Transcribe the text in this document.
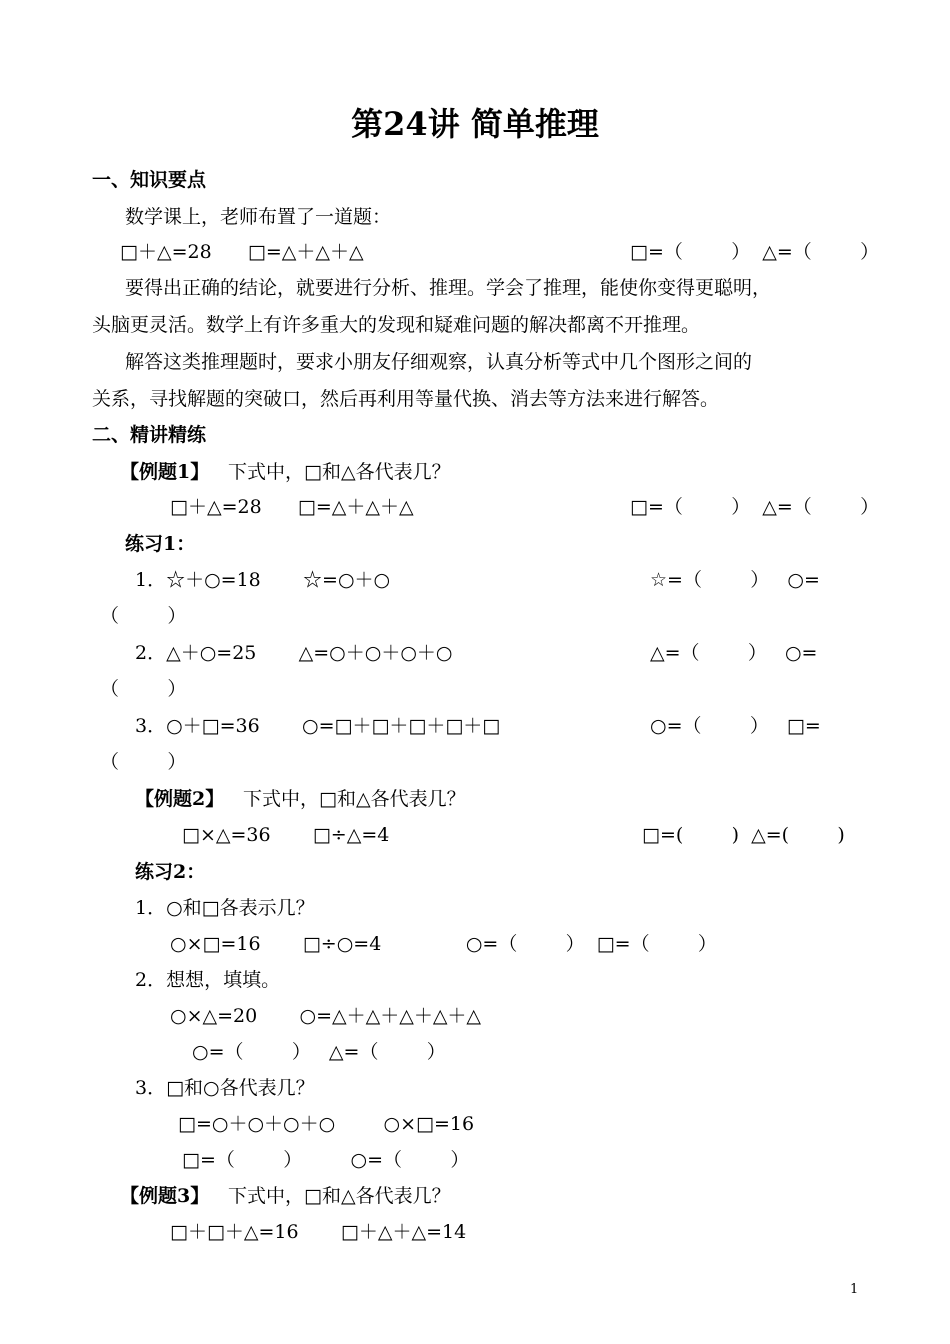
第24讲 简单推理
一、知识要点
数学课上，老师布置了一道题：
□＋△=28      □=△＋△＋△	□=（        ）  △=（        ）
要得出正确的结论，就要进行分析、推理。学会了推理，能使你变得更聪明，
头脑更灵活。数学上有许多重大的发现和疑难问题的解决都离不开推理。
解答这类推理题时，要求小朋友仔细观察，认真分析等式中几个图形之间的
关系，寻找解题的突破口，然后再利用等量代换、消去等方法来进行解答。
二、精讲精练
【例题1】 下式中，□和△各代表几？
□＋△=28      □=△＋△＋△	□=（        ）  △=（        ）
练习1：
1．☆＋○=18       ☆=○＋○	☆=（        ）   ○=
（        ）
2．△＋○=25       △=○＋○＋○＋○	△=（        ）   ○=
（        ）
3．○＋□=36       ○=□＋□＋□＋□＋□	○=（        ）   □=
（        ）
【例题2】 下式中，□和△各代表几？
□×△=36       □÷△=4	□=(        )  △=(        )
练习2：
1．○和□各表示几？
○×□=16       □÷○=4              ○=（        ）  □=（        ）
2．想想，填填。
○×△=20       ○=△＋△＋△＋△＋△
○=（        ）   △=（        ）
3．□和○各代表几？
□=○＋○＋○＋○        ○×□=16
□=（        ）        ○=（        ）
【例题3】 下式中，□和△各代表几？
□＋□＋△=16       □＋△＋△=14
1
